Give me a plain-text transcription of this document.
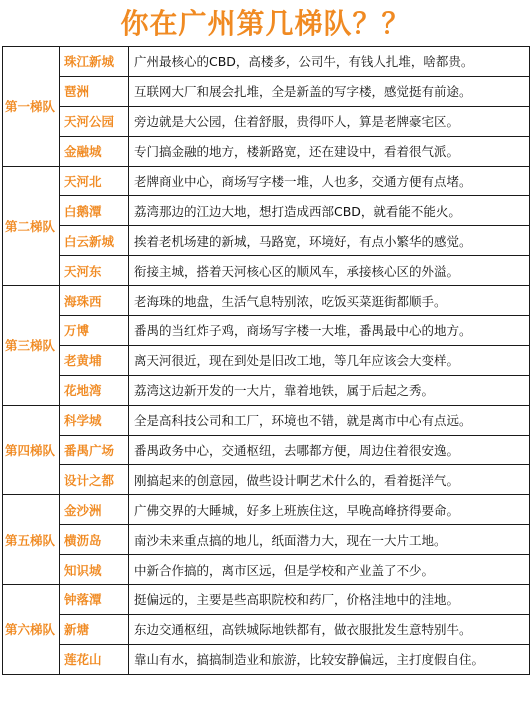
你在广州第几梯队？？
第一梯队	珠江新城	广州最核心的CBD，高楼多，公司牛，有钱人扎堆，啥都贵。
	琶洲	互联网大厂和展会扎堆，全是新盖的写字楼，感觉挺有前途。
	天河公园	旁边就是大公园，住着舒服，贵得吓人，算是老牌豪宅区。
	金融城	专门搞金融的地方，楼新路宽，还在建设中，看着很气派。
第二梯队	天河北	老牌商业中心，商场写字楼一堆，人也多，交通方便有点堵。
	白鹅潭	荔湾那边的江边大地，想打造成西部CBD，就看能不能火。
	白云新城	挨着老机场建的新城，马路宽，环境好，有点小繁华的感觉。
	天河东	衔接主城，搭着天河核心区的顺风车，承接核心区的外溢。
第三梯队	海珠西	老海珠的地盘，生活气息特别浓，吃饭买菜逛街都顺手。
	万博	番禺的当红炸子鸡，商场写字楼一大堆，番禺最中心的地方。
	老黄埔	离天河很近，现在到处是旧改工地，等几年应该会大变样。
	花地湾	荔湾这边新开发的一大片，靠着地铁，属于后起之秀。
第四梯队	科学城	全是高科技公司和工厂，环境也不错，就是离市中心有点远。
	番禺广场	番禺政务中心，交通枢纽，去哪都方便，周边住着很安逸。
	设计之都	刚搞起来的创意园，做些设计啊艺术什么的，看着挺洋气。
第五梯队	金沙洲	广佛交界的大睡城，好多上班族住这，早晚高峰挤得要命。
	横沥岛	南沙未来重点搞的地儿，纸面潜力大，现在一大片工地。
	知识城	中新合作搞的，离市区远，但是学校和产业盖了不少。
第六梯队	钟落潭	挺偏远的，主要是些高职院校和药厂，价格洼地中的洼地。
	新塘	东边交通枢纽，高铁城际地铁都有，做衣服批发生意特别牛。
	莲花山	靠山有水，搞搞制造业和旅游，比较安静偏远，主打度假自住。
